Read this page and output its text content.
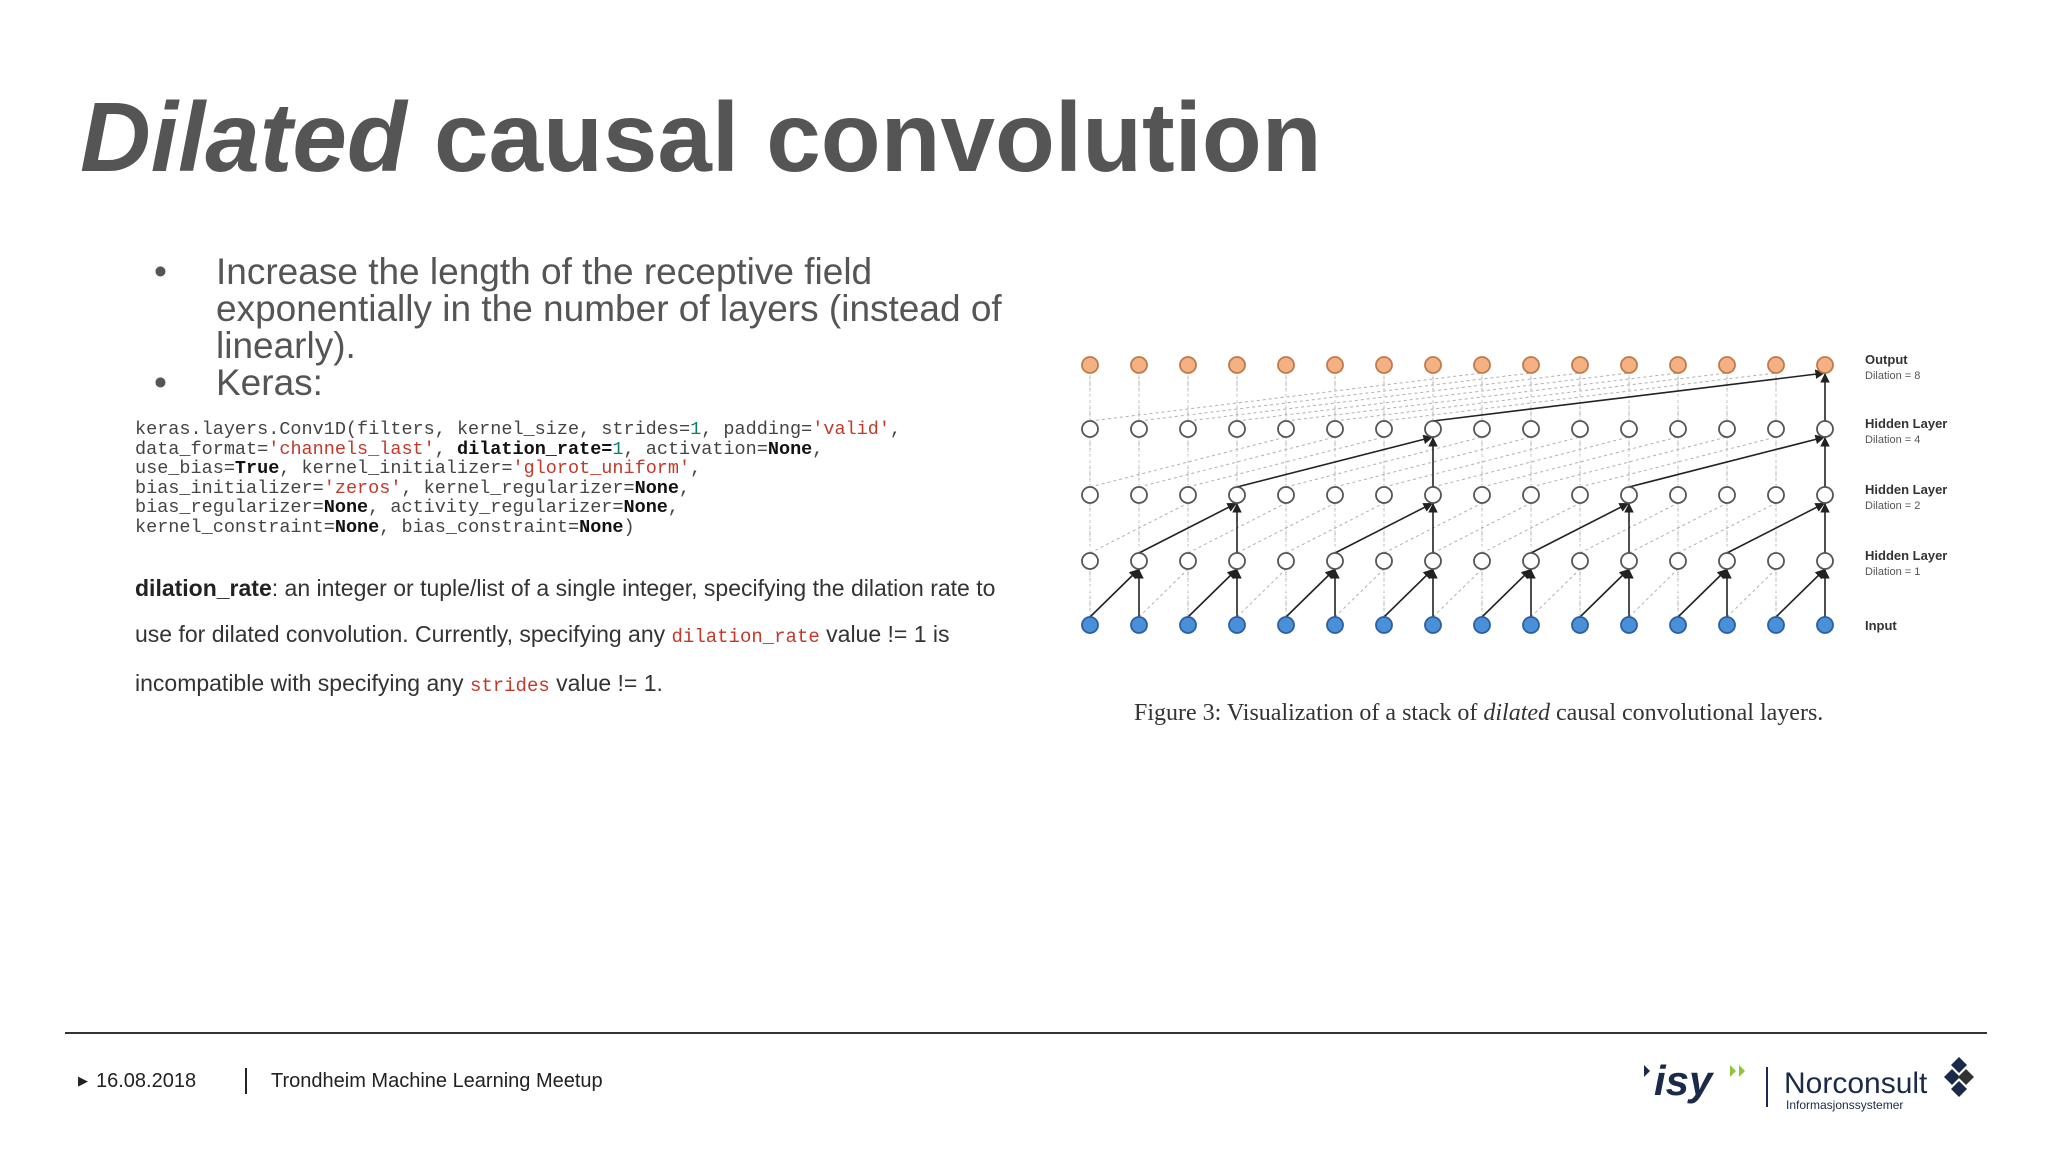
Dilated causal convolution
•	Increase the length of the receptive field exponentially in the number of layers (instead of linearly).
•	Keras:
keras.layers.Conv1D(filters, kernel_size, strides=1, padding='valid',
data_format='channels_last', dilation_rate=1, activation=None,
use_bias=True, kernel_initializer='glorot_uniform',
bias_initializer='zeros', kernel_regularizer=None,
bias_regularizer=None, activity_regularizer=None,
kernel_constraint=None, bias_constraint=None)
dilation_rate: an integer or tuple/list of a single integer, specifying the dilation rate to use for dilated convolution. Currently, specifying any dilation_rate value != 1 is incompatible with specifying any strides value != 1.
Output
Dilation = 8
Hidden Layer
Dilation = 4
Hidden Layer
Dilation = 2
Hidden Layer
Dilation = 1
Input
Figure 3: Visualization of a stack of dilated causal convolutional layers.
▶ 16.08.2018	Trondheim Machine Learning Meetup	isy Norconsult
Informasjonssystemer
